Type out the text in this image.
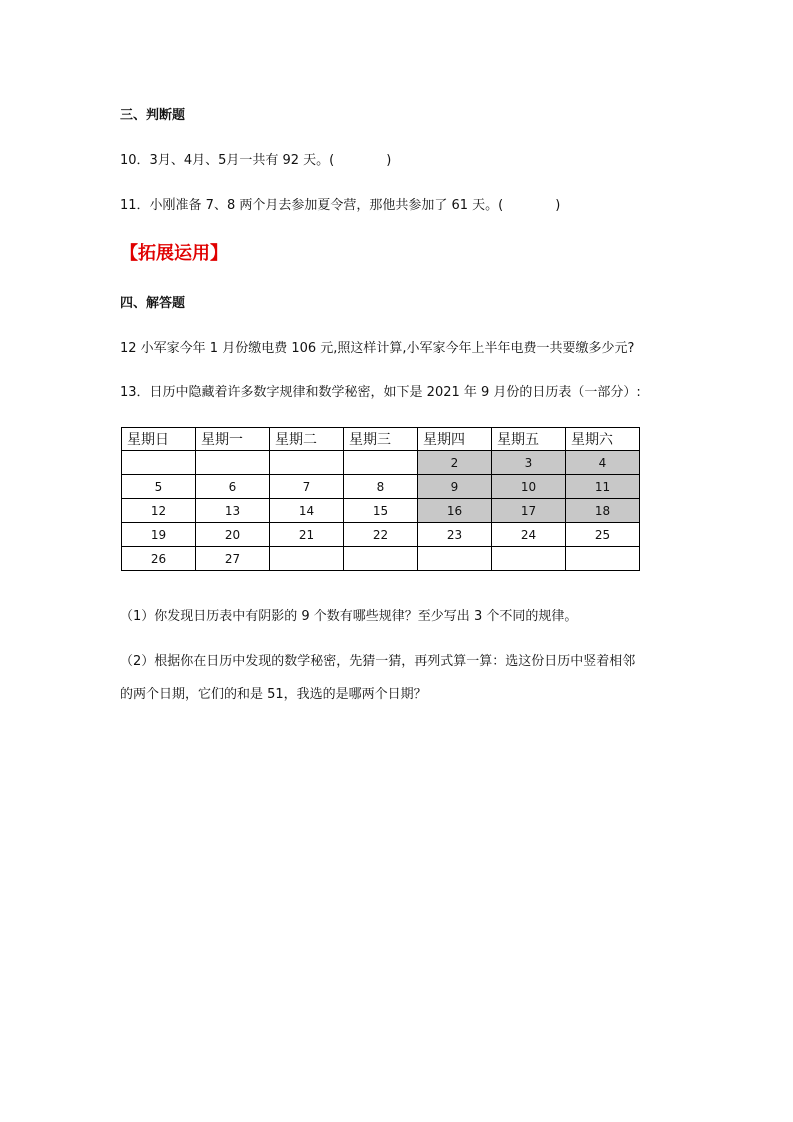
三、判断题
10．3月、4月、5月一共有 92 天。(　　　　)
11．小刚准备 7、8 两个月去参加夏令营，那他共参加了 61 天。(　　　　)
【拓展运用】
四、解答题
12 小军家今年 1 月份缴电费 106 元,照这样计算,小军家今年上半年电费一共要缴多少元?
13．日历中隐藏着许多数字规律和数学秘密，如下是 2021 年 9 月份的日历表（一部分）:
星期日	星期一	星期二	星期三	星期四	星期五	星期六
				2	3	4
5	6	7	8	9	10	11
12	13	14	15	16	17	18
19	20	21	22	23	24	25
26	27					
（1）你发现日历表中有阴影的 9 个数有哪些规律？至少写出 3 个不同的规律。
（2）根据你在日历中发现的数学秘密，先猜一猜，再列式算一算：选这份日历中竖着相邻
的两个日期，它们的和是 51，我选的是哪两个日期？
